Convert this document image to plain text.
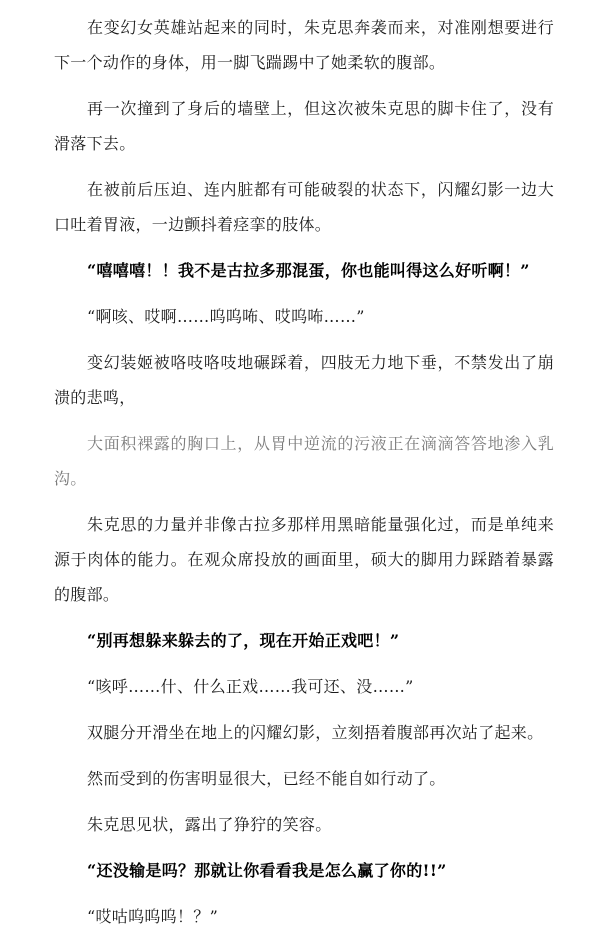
在变幻女英雄站起来的同时，朱克思奔袭而来，对准刚想要进行下一个动作的身体，用一脚飞踹踢中了她柔软的腹部。

再一次撞到了身后的墙壁上，但这次被朱克思的脚卡住了，没有滑落下去。

在被前后压迫、连内脏都有可能破裂的状态下，闪耀幻影一边大口吐着胃液，一边颤抖着痉挛的肢体。

“嘻嘻嘻！！我不是古拉多那混蛋，你也能叫得这么好听啊！”

“啊咳、哎啊……呜呜咘、哎呜咘……”

变幻装姬被咯吱咯吱地碾踩着，四肢无力地下垂，不禁发出了崩溃的悲鸣，

大面积裸露的胸口上，从胃中逆流的污液正在滴滴答答地渗入乳沟。

朱克思的力量并非像古拉多那样用黑暗能量强化过，而是单纯来源于肉体的能力。在观众席投放的画面里，硕大的脚用力踩踏着暴露的腹部。

“别再想躲来躲去的了，现在开始正戏吧！”

“咳呼……什、什么正戏……我可还、没……”

双腿分开滑坐在地上的闪耀幻影，立刻捂着腹部再次站了起来。

然而受到的伤害明显很大，已经不能自如行动了。

朱克思见状，露出了狰狞的笑容。

“还没输是吗？那就让你看看我是怎么赢了你的!!”

“哎咕呜呜呜！？”
